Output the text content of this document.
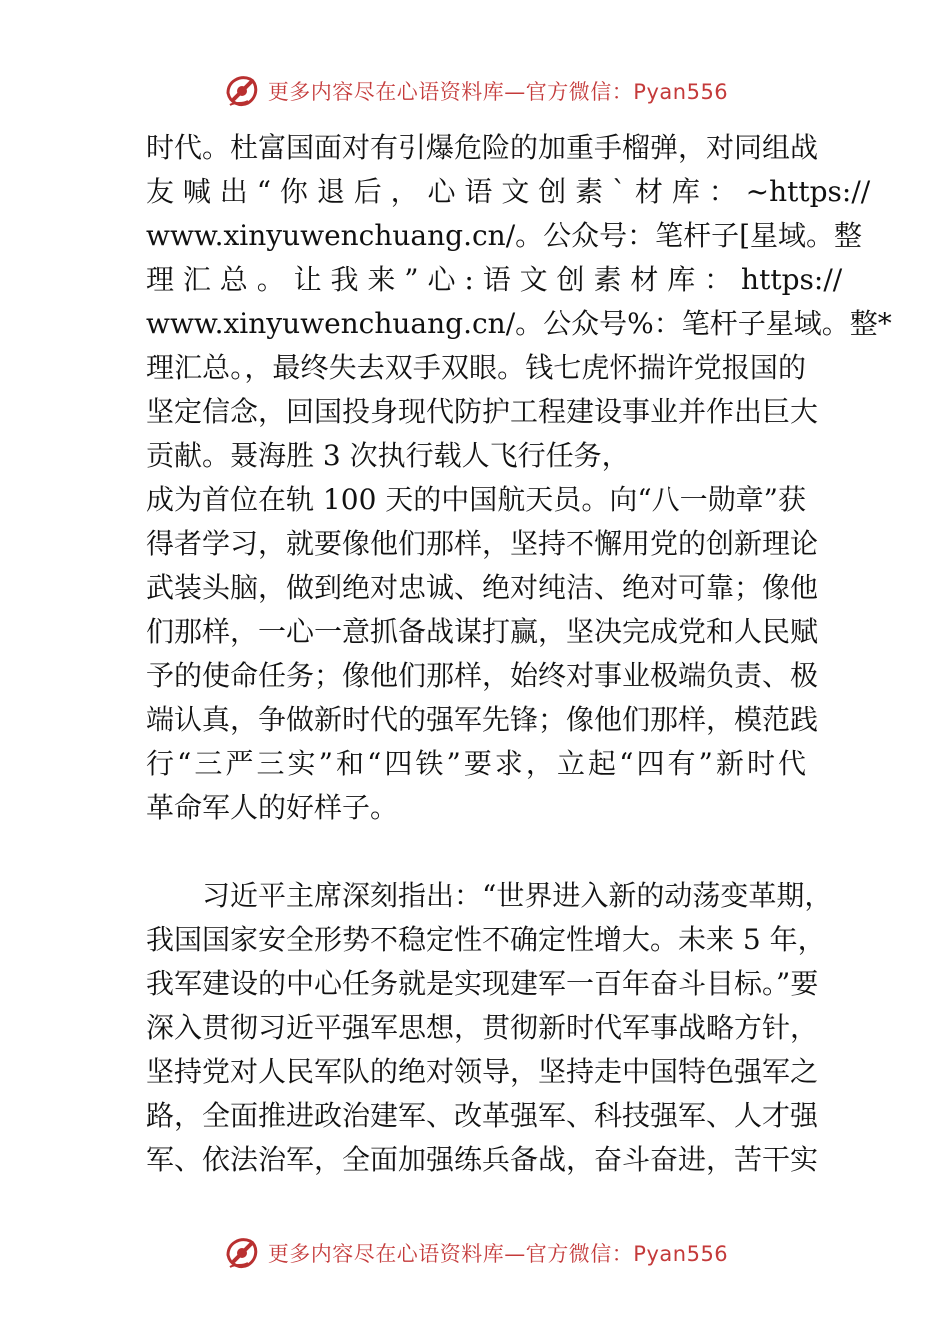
更多内容尽在心语资料库—官方微信：Pyan556
时代。杜富国面对有引爆危险的加重手榴弹，对同组战
友 喊 出 “ 你 退 后 ， 心 语 文 创 素 ` 材 库 ： ~https://
www.xinyuwenchuang.cn/。公众号：笔杆子[星域。整
理 汇 总 。 让 我 来 ” 心 : 语 文 创 素 材 库 ： https://
www.xinyuwenchuang.cn/。公众号%：笔杆子星域。整*
理汇总。，最终失去双手双眼。钱七虎怀揣许党报国的
坚定信念，回国投身现代防护工程建设事业并作出巨大
贡献。聂海胜 3 次执行载人飞行任务，
成为首位在轨 100 天的中国航天员。向“八一勋章”获
得者学习，就要像他们那样，坚持不懈用党的创新理论
武装头脑，做到绝对忠诚、绝对纯洁、绝对可靠；像他
们那样，一心一意抓备战谋打赢，坚决完成党和人民赋
予的使命任务；像他们那样，始终对事业极端负责、极
端认真，争做新时代的强军先锋；像他们那样，模范践
行“三严三实”和“四铁”要求，立起“四有”新时代
革命军人的好样子。
习近平主席深刻指出：“世界进入新的动荡变革期，
我国国家安全形势不稳定性不确定性增大。未来 5 年，
我军建设的中心任务就是实现建军一百年奋斗目标。”要
深入贯彻习近平强军思想，贯彻新时代军事战略方针，
坚持党对人民军队的绝对领导，坚持走中国特色强军之
路，全面推进政治建军、改革强军、科技强军、人才强
军、依法治军，全面加强练兵备战，奋斗奋进，苦干实
更多内容尽在心语资料库—官方微信：Pyan556
